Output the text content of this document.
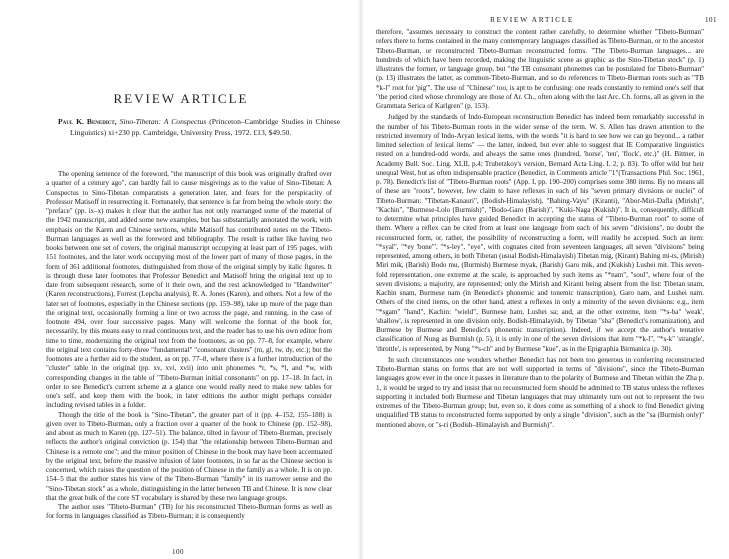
REVIEW ARTICLE
Paul K. Benedict, Sino-Tibetan: A Conspectus (Princeton–Cambridge Studies in Chinese Linguistics) xi+230 pp. Cambridge, University Press, 1972. £13, $49.50.

The opening sentence of the foreword, "the manuscript of this book was originally drafted over a quarter of a century ago", can hardly fail to cause misgivings as to the value of Sino-Tibetan: A Conspectus to Sino-Tibetan comparatists a generation later, and fears for the perspicacity of Professor Matisoff in resurrecting it. Fortunately, that sentence is far from being the whole story: the "preface" (pp. ix–x) makes it clear that the author has not only rearranged some of the material of the 1942 manuscript, and added some new examples, but has substantially annotated the work, with emphasis on the Karen and Chinese sections, while Matisoff has contributed notes on the Tibeto-Burman languages as well as the foreword and bibliography. The result is rather like having two books between one set of covers, the original manuscript occupying at least part of 195 pages, with 151 footnotes, and the later work occupying most of the lower part of many of those pages, in the form of 361 additional footnotes, distinguished from those of the original simply by italic figures. It is through these later footnotes that Professor Benedict and Matisoff bring the original text up to date from subsequent research, some of it their own, and the rest acknowledged to "Handwriter" (Karen reconstructions), Forrest (Lepcha analysis), R. A. Jones (Karen), and others. Not a few of the later set of footnotes, especially in the Chinese sections (pp. 159–98), take up more of the page than the original text, occasionally forming a line or two across the page, and running, in the case of footnote 494, over four successive pages. Many will welcome the format of the book for, necessarily, by this means easy to read continuous text, and the reader has to use his own editor from time to time, modernizing the original text from the footnotes, as on pp. 77–8, for example, where the original text contains forty-three "fundamental" "consonant clusters" (m, gl, tw, dy, etc.); but the footnotes are a further aid to the student, as on pp. 77–8, where there is a further introduction of the "cluster" table in the original (pp. xv, xvi, xvii) into unit phonemes *r, *s, *l, and *w, with corresponding changes in the table of "Tibeto-Burman initial consonants" on pp. 17–18. In fact, in order to see Benedict's current scheme at a glance one would really need to make new tables for one's self, and keep them with the book, in later editions the author might perhaps consider including revised tables in a folder.

Though the title of the book is "Sino-Tibetan", the greater part of it (pp. 4–152, 155–188) is given over to Tibeto-Burman, only a fraction over a quarter of the book to Chinese (pp. 152–98), and about as much to Karen (pp. 127–51). The balance, tilted in favour of Tibeto-Burman, precisely reflects the author's original conviction (p. 154) that "the relationship between Tibeto-Burman and Chinese is a remote one"; and the minor position of Chinese in the book may have been accentuated by the original text, before the massive infusion of later footnotes, in so far as the Chinese section is concerned, which raises the question of the position of Chinese in the family as a whole. It is on pp. 154–5 that the author states his view of the Tibeto-Burman "family" in its narrower sense and the "Sino-Tibetan stock" as a whole, distinguishing in the latter between TB and Chinese. It is now clear that the great bulk of the core ST vocabulary is shared by these two language groups.

The author uses "Tibeto-Burman" (TB) for his reconstructed Tibeto-Burman forms as well as for forms in languages classified as Tibeto-Burman; it is consequently

100
REVIEW ARTICLE	101

therefore, "assumes necessary to construct the content rather carefully, to determine whether "Tibeto-Burman" refers there to forms contained in the many contemporary languages classified as Tibeto-Burman, or to the ancestor Tibeto-Burman, or reconstructed Tibeto-Burman reconstructed forms. "The Tibeto-Burman languages... are hundreds of which have been recorded, making the linguistic scene as graphic as the Sino-Tibetan stock" (p. 1) illustrates the former, or language group, but "the TB consonant phonemes can be postulated for Tibeto-Burman" (p. 13) illustrates the latter, as common-Tibeto-Burman, and so do references to Tibeto-Burman roots such as "TB *k-l" root for 'pig'". The use of "Chinese" too, is apt to be confusing: one reads constantly to remind one's self that "the period cited whose chronology are those of Ar. Ch., often along with the last Arc. Ch. forms, all as given in the Grammata Serica of Karlgren" (p. 153).

Judged by the standards of Indo-European reconstruction Benedict has indeed been remarkably successful in the number of his Tibeto-Burman roots in the wider sense of the term. W. S. Allen has drawn attention to the restricted inventory of Indo-Aryan lexical items, with the words "it is hard to see how we can go beyond... a rather limited selection of lexical items" — the latter, indeed, but ever able to suggest that IE Comparative linguistics rested on a hundred-odd words, and always the same ones (hundred, 'horse', 'ten', 'flock', etc.)" (H. Bittner, in Academy Bull. Soc. Ling. XLII, p.4; Trubetzkoy's version, Bernard Acta Ling. I. 2, p. 83). To offer wild but heir unequal West, but as often indispensable practice (Benedict, in Comments article "1"(Transactions Phil. Soc. 1961, p. 78). Benedict's list of "Tibeto-Burman roots" (App. I, pp. 190–200) comprises some 380 items. By no means all of these are "roots", however, few claim to have reflexes in each of his "seven primary divisions or nuclei" of Tibeto-Burman: "Tibetan-Kanauri", (Bodish-Himalayish), "Bahing-Vayu" (Kiranti), "Abor-Miri-Dafla (Mirish)", "Kachin", "Burmese-Lolo (Burmish)", "Bodo-Garo (Barish)", "Kuki-Naga (Kukish)". It is, consequently, difficult to determine what principles have guided Benedict in accepting the status of "Tibeto-Burman root" to some of them. Where a reflex can be cited from at least one language from each of his seven "divisions", no doubt the reconstructed form, or, rather, the possibility of reconstructing a form, will readily be accepted. Such an item: "*syal", "*ey 'bone'", "*s-ley", "eye", with cognates cited from seventeen languages, all seven "divisions" being represented, among others, in both Tibetan (usual Bodish-Himalayish) Tibetan mig, (Kirant) Bahing mi-ts, (Mirish) Miri mik, (Barish) Bodo mu, (Burmish) Burmese myak, (Barish) Garo mik, and (Kukish) Lushei mit. This seven-fold representation, one extreme at the scale, is approached by such items as "*nam", "soul", where four of the seven divisions, a majority, are represented; only the Mirish and Kiranti being absent from the list: Tibetan snam, Kachin snam, Burmese nam (in Benedict's phonemic and tonemic transcription), Garo nam, and Lushei nam. Others of the cited items, on the other hand, attest a reflexes in only a minority of the seven divisions: e.g., item "*sgam" "hand", Kachin: "wield", Burmese ham, Lushei sa; and, at the other extreme, item "*s-ba" 'weak', 'shallow', is represented in one division only, Bodish-Himalayish, by Tibetan "sba" (Benedict's romanization), and Burmese by Burmese and Benedict's phonemic transcription). Indeed, if we accept the author's tentative classification of Nung as Burmish (p. 5), it is only in one of the seven divisions that item "*k-l", "*s-k" 'strangle', 'throttle', is represented, by Nung "*s-ch" and by Burmese "kue", as in the Epigraphia Birmanica (p. 30).

In such circumstances one wonders whether Benedict has not been too generous in conferring reconstructed Tibeto-Burman status on forms that are not well supported in terms of "divisions", since the Tibeto-Burman languages grow ever in the once it passes in literature than to the polarity of Burmese and Tibetan within the Zha p. 1, it would be urged to try and insist that no reconstructed form should be admitted to TB status unless the reflexes supporting it included both Burmese and Tibetan languages that may ultimately turn out not to represent the two extremes of the Tibeto-Burman group; but, even so, it does come as something of a shock to find Benedict giving unqualified TB status to reconstructed forms supported by only a single "division", such as the "sa (Burmish only)" mentioned above, or "s-ri (Bodish–Himalayish and Burmish)".
